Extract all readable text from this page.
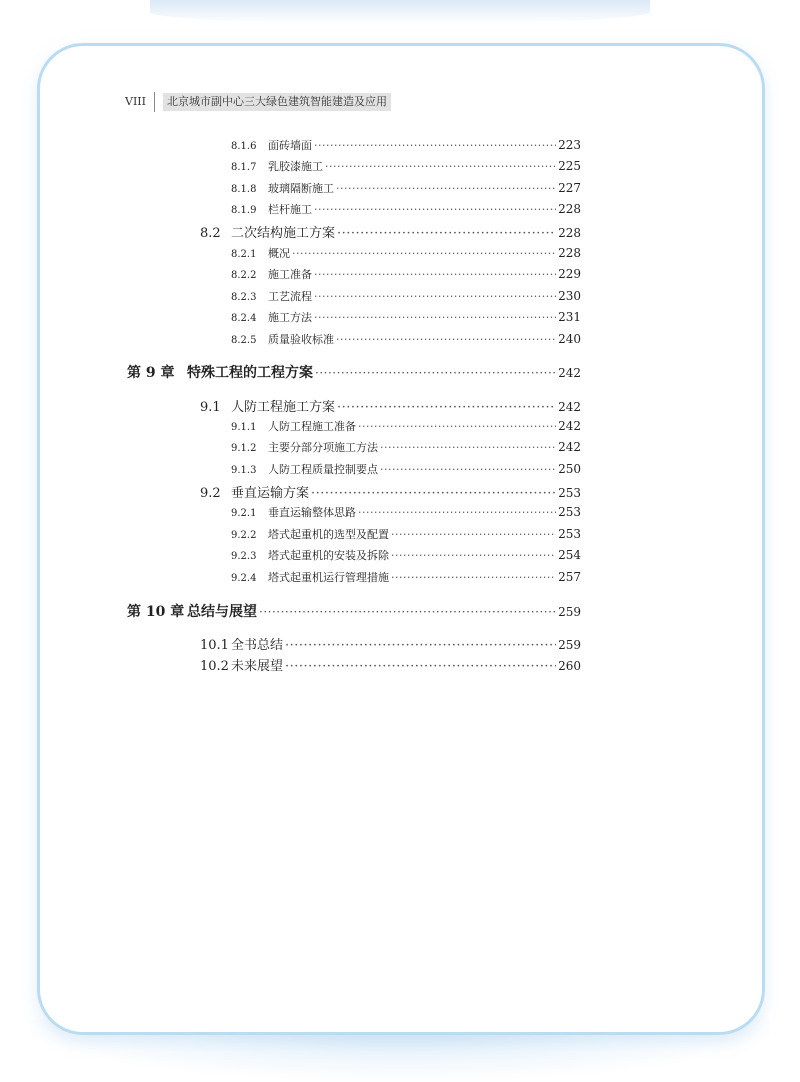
VIII	北京城市副中心三大绿色建筑智能建造及应用
8.1.6	面砖墙面 ·····	223
8.1.7	乳胶漆施工 ·····	225
8.1.8	玻璃隔断施工 ·····	227
8.1.9	栏杆施工 ·····	228
8.2 二次结构施工方案 ·····	228
8.2.1	概况 ·····	228
8.2.2	施工准备 ·····	229
8.2.3	工艺流程 ·····	230
8.2.4	施工方法 ·····	231
8.2.5	质量验收标准 ·····	240
第 9 章 特殊工程的工程方案 ·····	242
9.1 人防工程施工方案 ·····	242
9.1.1	人防工程施工准备 ·····	242
9.1.2	主要分部分项施工方法 ·····	242
9.1.3	人防工程质量控制要点 ·····	250
9.2 垂直运输方案 ·····	253
9.2.1	垂直运输整体思路 ·····	253
9.2.2	塔式起重机的选型及配置 ·····	253
9.2.3	塔式起重机的安装及拆除 ·····	254
9.2.4	塔式起重机运行管理措施 ·····	257
第 10 章 总结与展望 ·····	259
10.1 全书总结 ·····	259
10.2 未来展望 ·····	260
